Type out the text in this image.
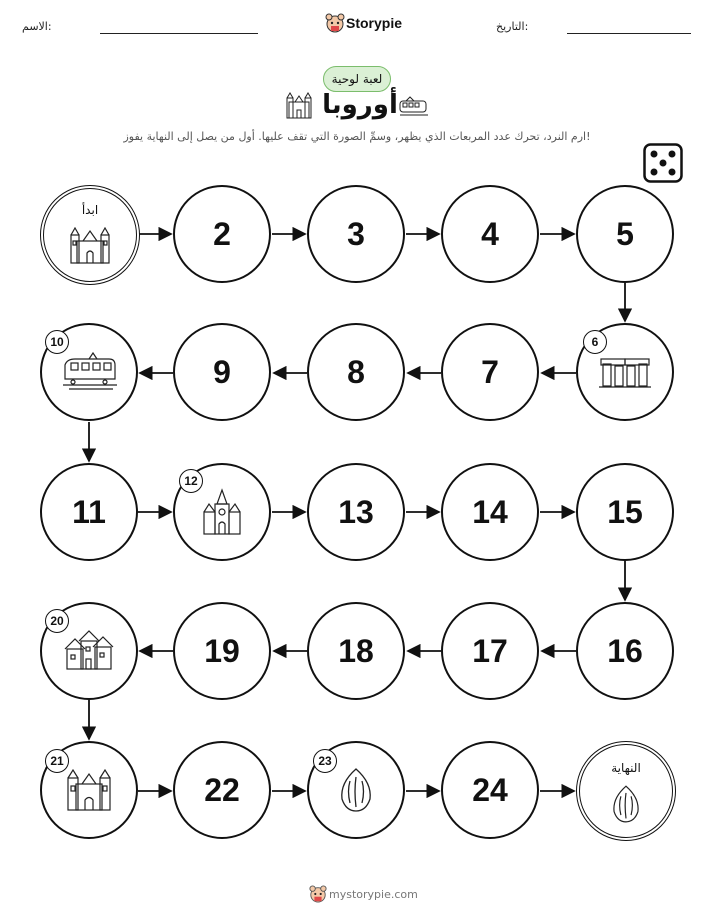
الاسم:	Storypie	التاريخ:
لعبة لوحية
أوروبا
ارم النرد، تحرك عدد المربعات الذي يظهر، وسمِّ الصورة التي تقف عليها. أول من يصل إلى النهاية يفوز!
ابدأ
2	3	4	5
6
7
8
9
10
11
12
13	14	15
16
17
18
19
20
21
22
23
24
النهاية
mystorypie.com
